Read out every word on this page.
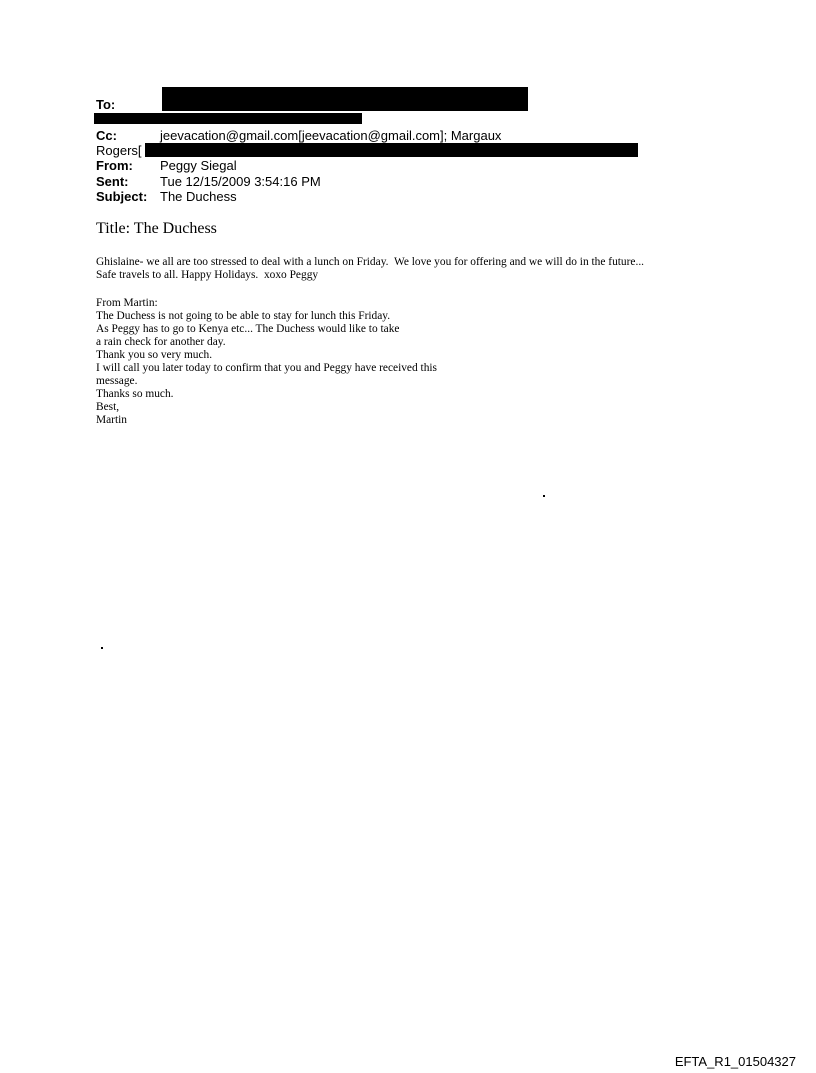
To:
Cc:	jeevacation@gmail.com[jeevacation@gmail.com]; Margaux
Rogers[
From: Peggy Siegal
Sent: Tue 12/15/2009 3:54:16 PM
Subject: The Duchess
Title: The Duchess
Ghislaine- we all are too stressed to deal with a lunch on Friday.  We love you for offering and we will do in the future...
Safe travels to all. Happy Holidays.  xoxo Peggy
From Martin:
The Duchess is not going to be able to stay for lunch this Friday.
As Peggy has to go to Kenya etc... The Duchess would like to take
a rain check for another day.
Thank you so very much.
I will call you later today to confirm that you and Peggy have received this
message.
Thanks so much.
Best,
Martin
EFTA_R1_01504327
